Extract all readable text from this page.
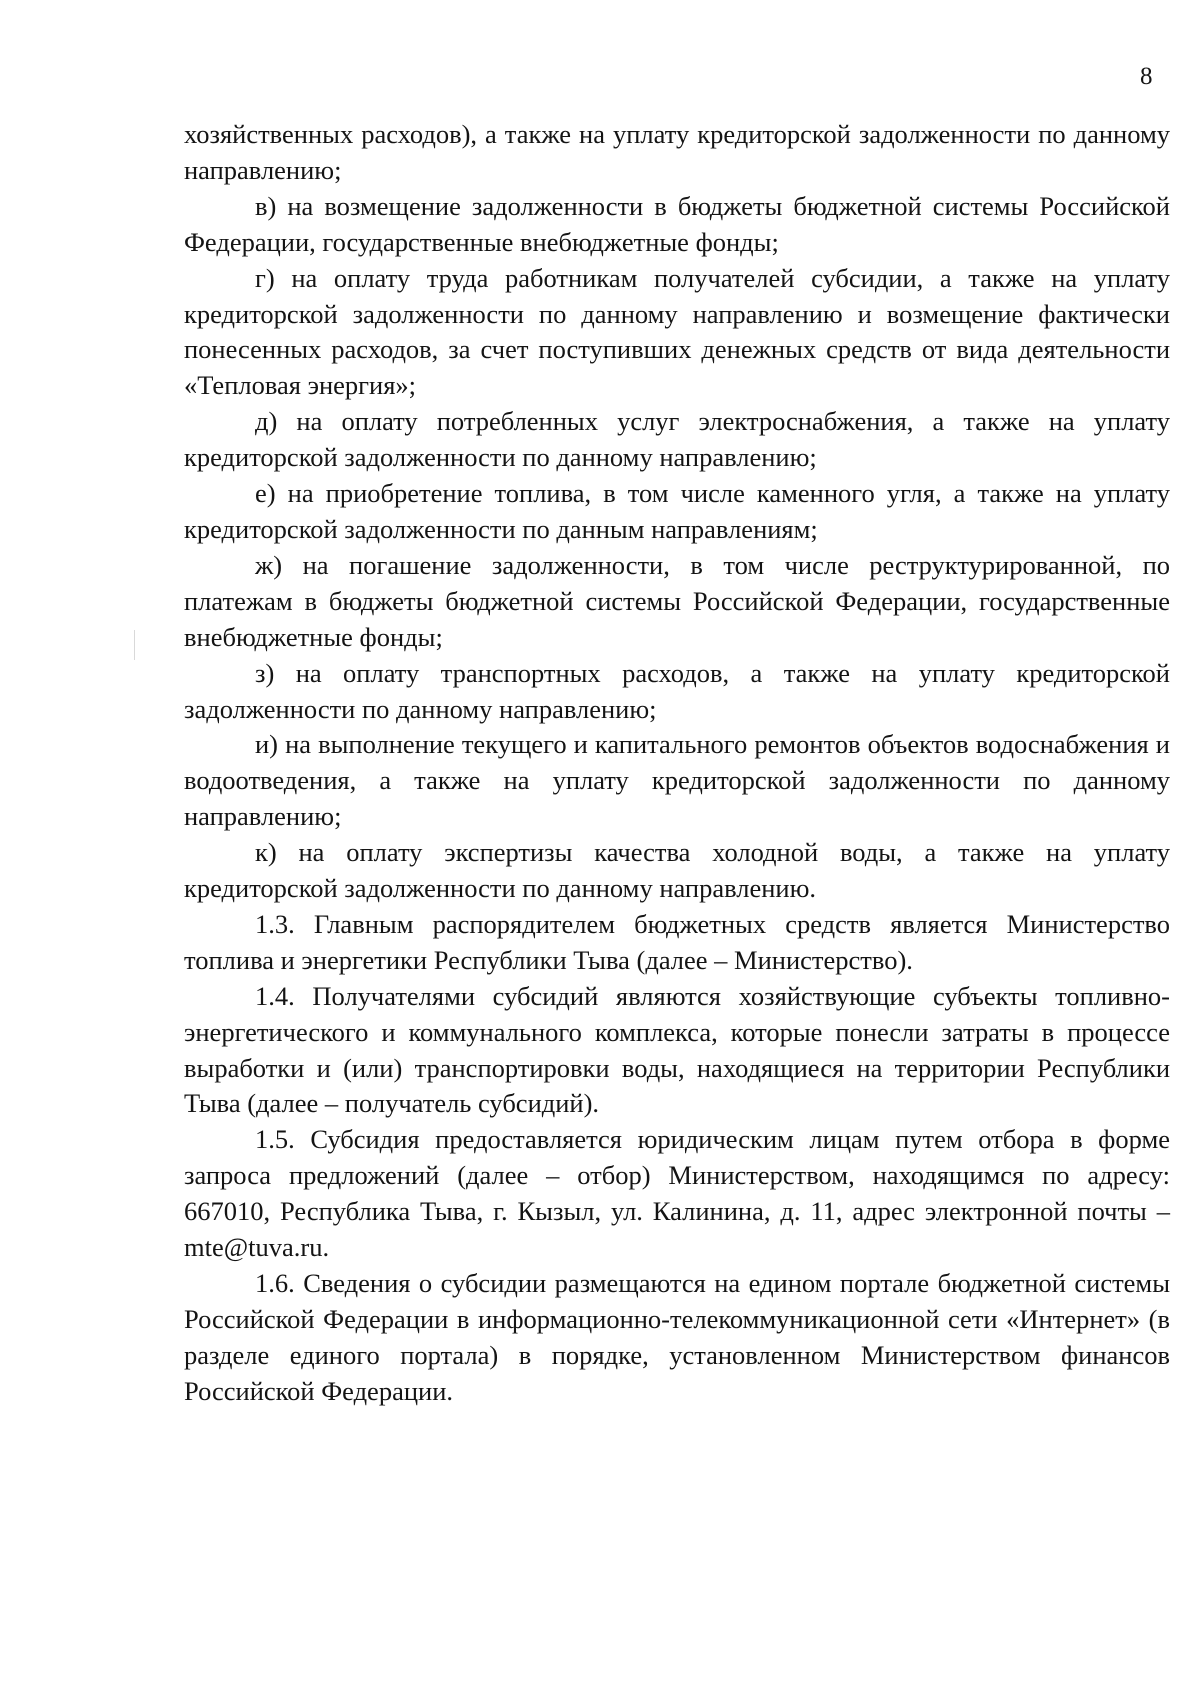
8

хозяйственных расходов), а также на уплату кредиторской задолженности по данному направлению;

в) на возмещение задолженности в бюджеты бюджетной системы Российской Федерации, государственные внебюджетные фонды;

г) на оплату труда работникам получателей субсидии, а также на уплату кредиторской задолженности по данному направлению и возмещение фактически понесенных расходов, за счет поступивших денежных средств от вида деятельности «Тепловая энергия»;

д) на оплату потребленных услуг электроснабжения, а также на уплату кредиторской задолженности по данному направлению;

е) на приобретение топлива, в том числе каменного угля, а также на уплату кредиторской задолженности по данным направлениям;

ж) на погашение задолженности, в том числе реструктурированной, по платежам в бюджеты бюджетной системы Российской Федерации, государственные внебюджетные фонды;

з) на оплату транспортных расходов, а также на уплату кредиторской задолженности по данному направлению;

и) на выполнение текущего и капитального ремонтов объектов водоснабжения и водоотведения, а также на уплату кредиторской задолженности по данному направлению;

к) на оплату экспертизы качества холодной воды, а также на уплату кредиторской задолженности по данному направлению.

1.3. Главным распорядителем бюджетных средств является Министерство топлива и энергетики Республики Тыва (далее – Министерство).

1.4. Получателями субсидий являются хозяйствующие субъекты топливно-энергетического и коммунального комплекса, которые понесли затраты в процессе выработки и (или) транспортировки воды, находящиеся на территории Республики Тыва (далее – получатель субсидий).

1.5. Субсидия предоставляется юридическим лицам путем отбора в форме запроса предложений (далее – отбор) Министерством, находящимся по адресу: 667010, Республика Тыва, г. Кызыл, ул. Калинина, д. 11, адрес электронной почты – mte@tuva.ru.

1.6. Сведения о субсидии размещаются на едином портале бюджетной системы Российской Федерации в информационно-телекоммуникационной сети «Интернет» (в разделе единого портала) в порядке, установленном Министерством финансов Российской Федерации.
